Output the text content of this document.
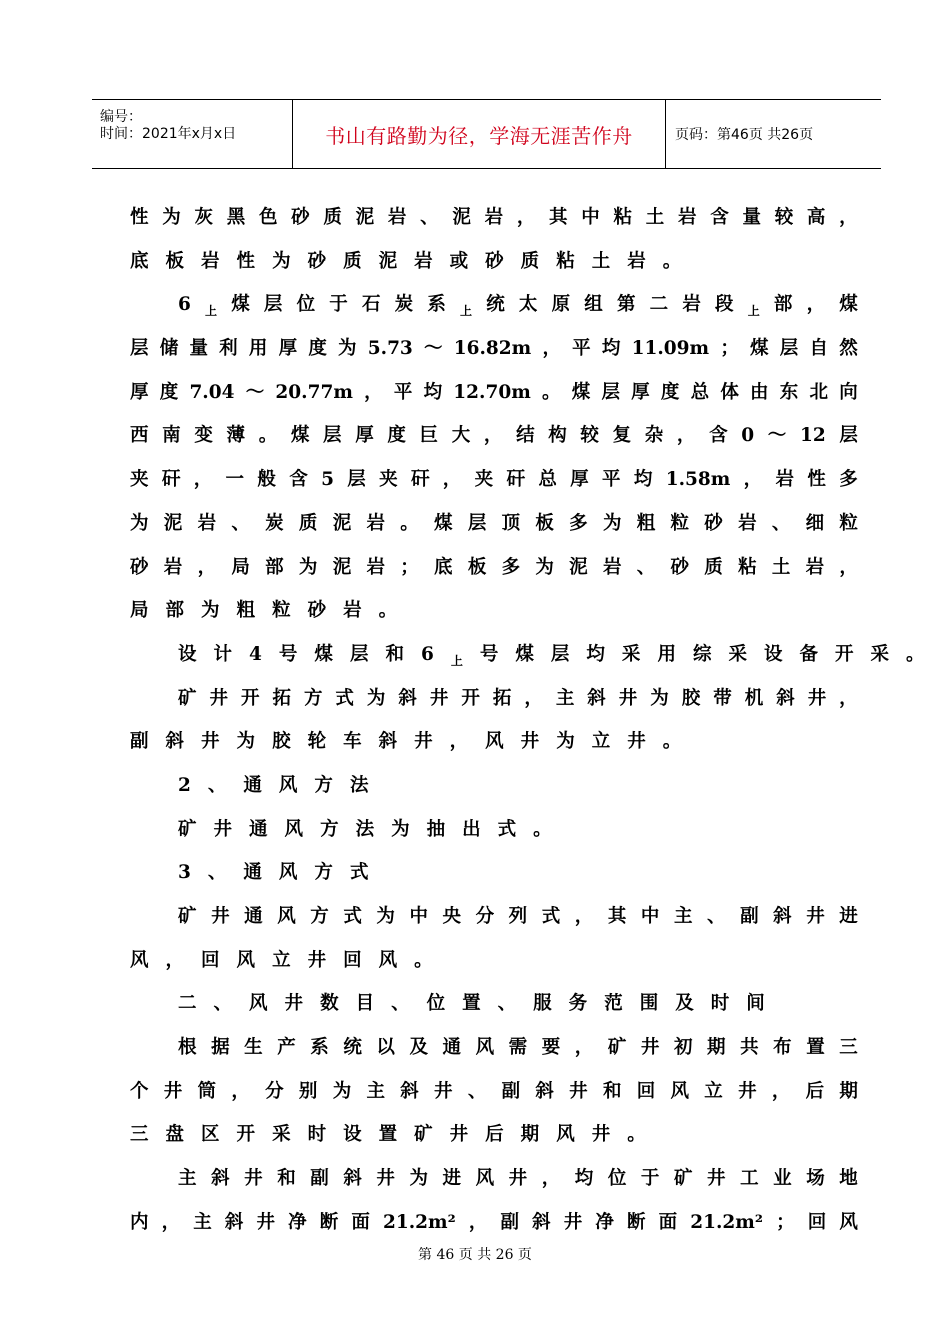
编号：
时间：2021年x月x日	书山有路勤为径，学海无涯苦作舟	页码：第46页 共26页
性 为 灰 黑 色 砂 质 泥 岩 、 泥 岩 ， 其 中 粘 土 岩 含 量 较 高 ，
底 板 岩 性 为 砂 质 泥 岩 或 砂 质 粘 土 岩 。
6 上 煤 层 位 于 石 炭 系 上 统 太 原 组 第 二 岩 段 上 部 ， 煤
层 储 量 利 用 厚 度 为 5.73 ～ 16.82m ， 平 均 11.09m ； 煤 层 自 然
厚 度 7.04 ～ 20.77m ， 平 均 12.70m 。 煤 层 厚 度 总 体 由 东 北 向
西 南 变 薄 。 煤 层 厚 度 巨 大 ， 结 构 较 复 杂 ， 含 0 ～ 12 层
夹 矸 ， 一 般 含 5 层 夹 矸 ， 夹 矸 总 厚 平 均 1.58m ， 岩 性 多
为 泥 岩 、 炭 质 泥 岩 。 煤 层 顶 板 多 为 粗 粒 砂 岩 、 细 粒
砂 岩 ， 局 部 为 泥 岩 ； 底 板 多 为 泥 岩 、 砂 质 粘 土 岩 ，
局 部 为 粗 粒 砂 岩 。
设 计 4 号 煤 层 和 6 上 号 煤 层 均 采 用 综 采 设 备 开 采 。
矿 井 开 拓 方 式 为 斜 井 开 拓 ， 主 斜 井 为 胶 带 机 斜 井 ，
副 斜 井 为 胶 轮 车 斜 井 ， 风 井 为 立 井 。
2 、 通 风 方 法
矿 井 通 风 方 法 为 抽 出 式 。
3 、 通 风 方 式
矿 井 通 风 方 式 为 中 央 分 列 式 ， 其 中 主 、 副 斜 井 进
风 ， 回 风 立 井 回 风 。
二 、 风 井 数 目 、 位 置 、 服 务 范 围 及 时 间
根 据 生 产 系 统 以 及 通 风 需 要 ， 矿 井 初 期 共 布 置 三
个 井 筒 ， 分 别 为 主 斜 井 、 副 斜 井 和 回 风 立 井 ， 后 期
三 盘 区 开 采 时 设 置 矿 井 后 期 风 井 。
主 斜 井 和 副 斜 井 为 进 风 井 ， 均 位 于 矿 井 工 业 场 地
内 ， 主 斜 井 净 断 面 21.2m² ， 副 斜 井 净 断 面 21.2m² ； 回 风
第 46 页 共 26 页
